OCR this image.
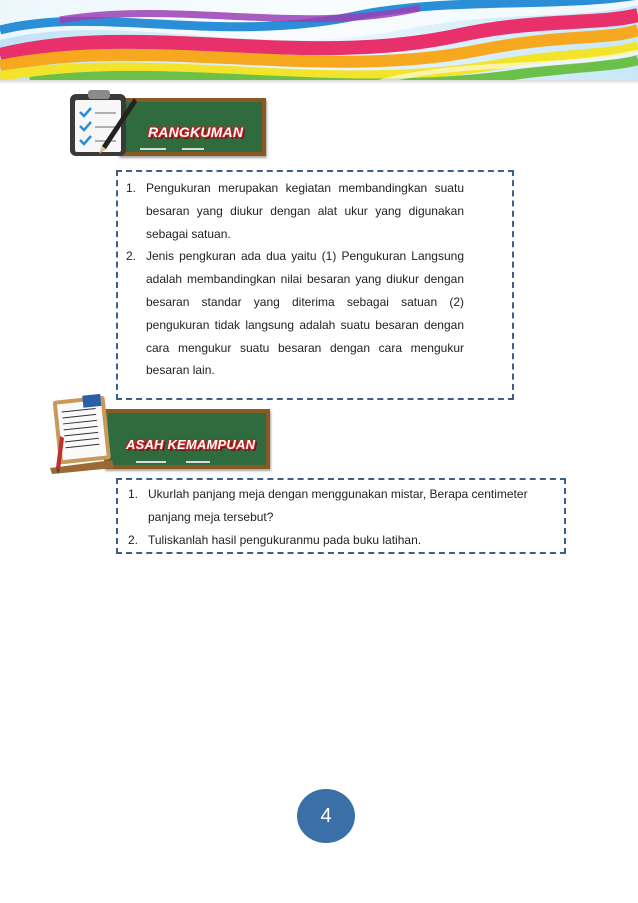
RANGKUMAN
1. Pengukuran merupakan kegiatan membandingkan suatu besaran yang diukur dengan alat ukur yang digunakan sebagai satuan.
2. Jenis pengkuran ada dua yaitu (1) Pengukuran Langsung adalah membandingkan nilai besaran yang diukur dengan besaran standar yang diterima sebagai satuan (2) pengukuran tidak langsung adalah suatu besaran dengan cara mengukur suatu besaran dengan cara mengukur besaran lain.
ASAH KEMAMPUAN
1. Ukurlah panjang meja dengan menggunakan mistar, Berapa centimeter panjang meja tersebut?
2. Tuliskanlah hasil pengukuranmu pada buku latihan.
4
